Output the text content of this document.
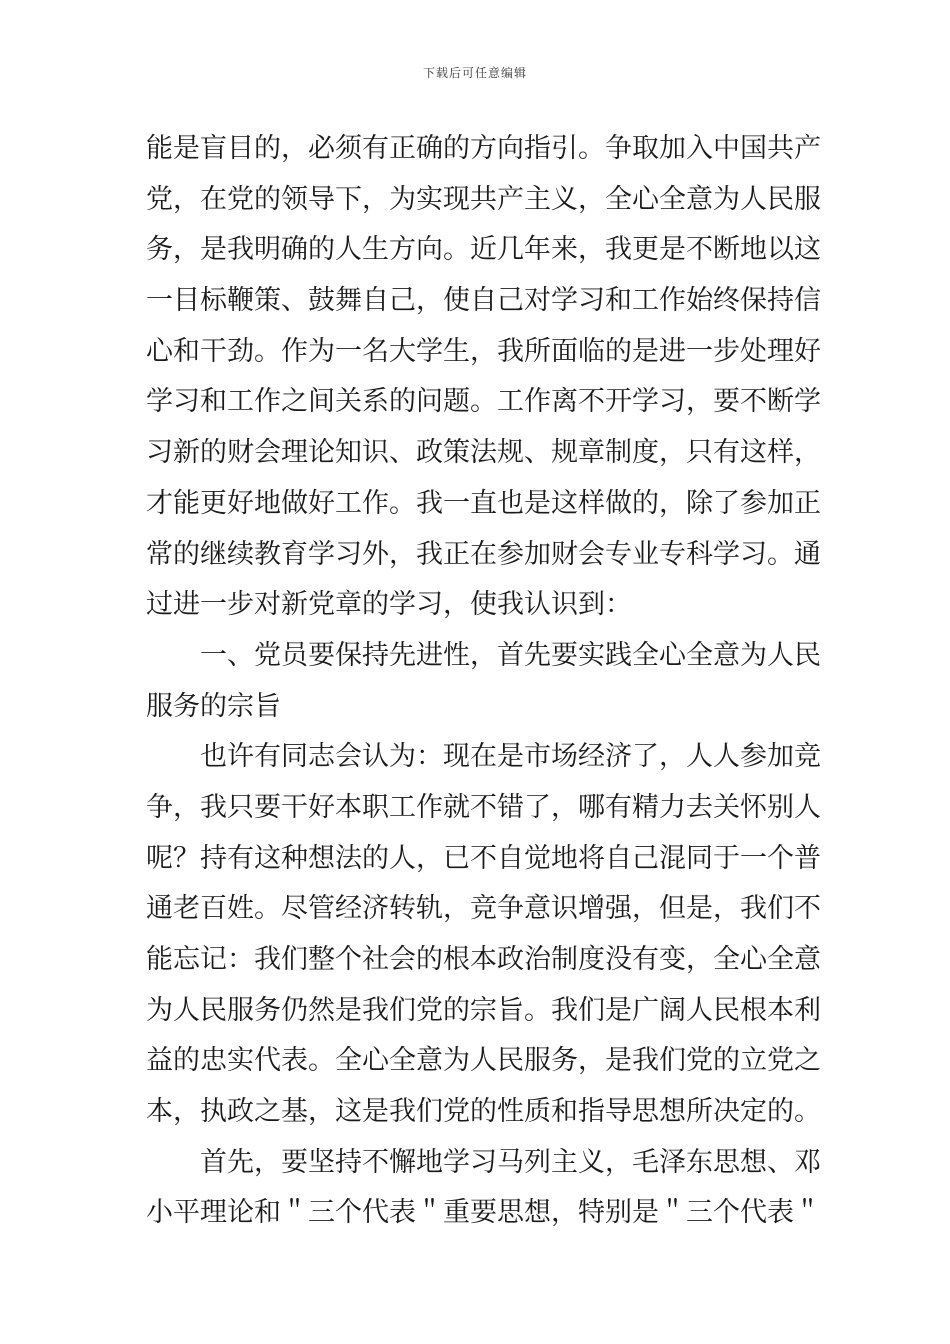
下载后可任意编辑
能是盲目的，必须有正确的方向指引。争取加入中国共产
党，在党的领导下，为实现共产主义，全心全意为人民服
务，是我明确的人生方向。近几年来，我更是不断地以这
一目标鞭策、鼓舞自己，使自己对学习和工作始终保持信
心和干劲。作为一名大学生，我所面临的是进一步处理好
学习和工作之间关系的问题。工作离不开学习，要不断学
习新的财会理论知识、政策法规、规章制度，只有这样，
才能更好地做好工作。我一直也是这样做的，除了参加正
常的继续教育学习外，我正在参加财会专业专科学习。通
过进一步对新党章的学习，使我认识到：
一、党员要保持先进性，首先要实践全心全意为人民
服务的宗旨
也许有同志会认为：现在是市场经济了，人人参加竞
争，我只要干好本职工作就不错了，哪有精力去关怀别人
呢？持有这种想法的人，已不自觉地将自己混同于一个普
通老百姓。尽管经济转轨，竞争意识增强，但是，我们不
能忘记：我们整个社会的根本政治制度没有变，全心全意
为人民服务仍然是我们党的宗旨。我们是广阔人民根本利
益的忠实代表。全心全意为人民服务，是我们党的立党之
本，执政之基，这是我们党的性质和指导思想所决定的。
首先，要坚持不懈地学习马列主义，毛泽东思想、邓
小平理论和＂三个代表＂重要思想，特别是＂三个代表＂
